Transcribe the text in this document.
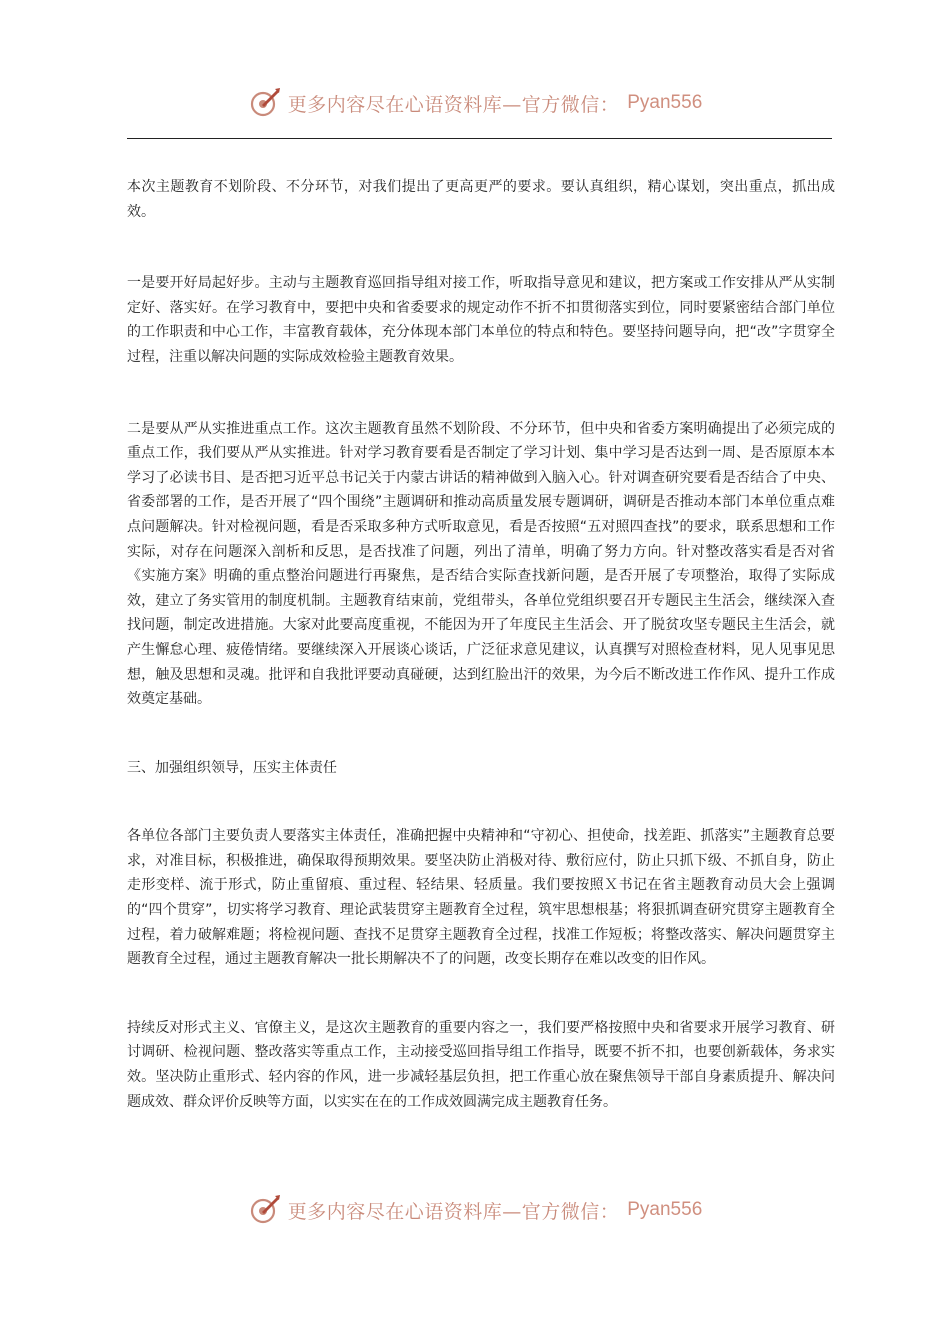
更多内容尽在心语资料库—官方微信： Pyan556

本次主题教育不划阶段、不分环节，对我们提出了更高更严的要求。要认真组织，精心谋划，突出重点，抓出成效。

一是要开好局起好步。主动与主题教育巡回指导组对接工作，听取指导意见和建议，把方案或工作安排从严从实制定好、落实好。在学习教育中，要把中央和省委要求的规定动作不折不扣贯彻落实到位，同时要紧密结合部门单位的工作职责和中心工作，丰富教育载体，充分体现本部门本单位的特点和特色。要坚持问题导向，把“改”字贯穿全过程，注重以解决问题的实际成效检验主题教育效果。

二是要从严从实推进重点工作。这次主题教育虽然不划阶段、不分环节，但中央和省委方案明确提出了必须完成的重点工作，我们要从严从实推进。针对学习教育要看是否制定了学习计划、集中学习是否达到一周、是否原原本本学习了必读书目、是否把习近平总书记关于内蒙古讲话的精神做到入脑入心。针对调查研究要看是否结合了中央、省委部署的工作，是否开展了“四个围绕”主题调研和推动高质量发展专题调研，调研是否推动本部门本单位重点难点问题解决。针对检视问题，看是否采取多种方式听取意见，看是否按照“五对照四查找”的要求，联系思想和工作实际，对存在问题深入剖析和反思，是否找准了问题，列出了清单，明确了努力方向。针对整改落实看是否对省《实施方案》明确的重点整治问题进行再聚焦，是否结合实际查找新问题，是否开展了专项整治，取得了实际成效，建立了务实管用的制度机制。主题教育结束前，党组带头，各单位党组织要召开专题民主生活会，继续深入查找问题，制定改进措施。大家对此要高度重视，不能因为开了年度民主生活会、开了脱贫攻坚专题民主生活会，就产生懈怠心理、疲倦情绪。要继续深入开展谈心谈话，广泛征求意见建议，认真撰写对照检查材料，见人见事见思想，触及思想和灵魂。批评和自我批评要动真碰硬，达到红脸出汗的效果，为今后不断改进工作作风、提升工作成效奠定基础。

三、加强组织领导，压实主体责任

各单位各部门主要负责人要落实主体责任，准确把握中央精神和“守初心、担使命，找差距、抓落实”主题教育总要求，对准目标，积极推进，确保取得预期效果。要坚决防止消极对待、敷衍应付，防止只抓下级、不抓自身，防止走形变样、流于形式，防止重留痕、重过程、轻结果、轻质量。我们要按照Ｘ书记在省主题教育动员大会上强调的“四个贯穿”，切实将学习教育、理论武装贯穿主题教育全过程，筑牢思想根基；将狠抓调查研究贯穿主题教育全过程，着力破解难题；将检视问题、查找不足贯穿主题教育全过程，找准工作短板；将整改落实、解决问题贯穿主题教育全过程，通过主题教育解决一批长期解决不了的问题，改变长期存在难以改变的旧作风。

持续反对形式主义、官僚主义，是这次主题教育的重要内容之一，我们要严格按照中央和省要求开展学习教育、研讨调研、检视问题、整改落实等重点工作，主动接受巡回指导组工作指导，既要不折不扣，也要创新载体，务求实效。坚决防止重形式、轻内容的作风，进一步减轻基层负担，把工作重心放在聚焦领导干部自身素质提升、解决问题成效、群众评价反映等方面，以实实在在的工作成效圆满完成主题教育任务。

更多内容尽在心语资料库—官方微信： Pyan556
